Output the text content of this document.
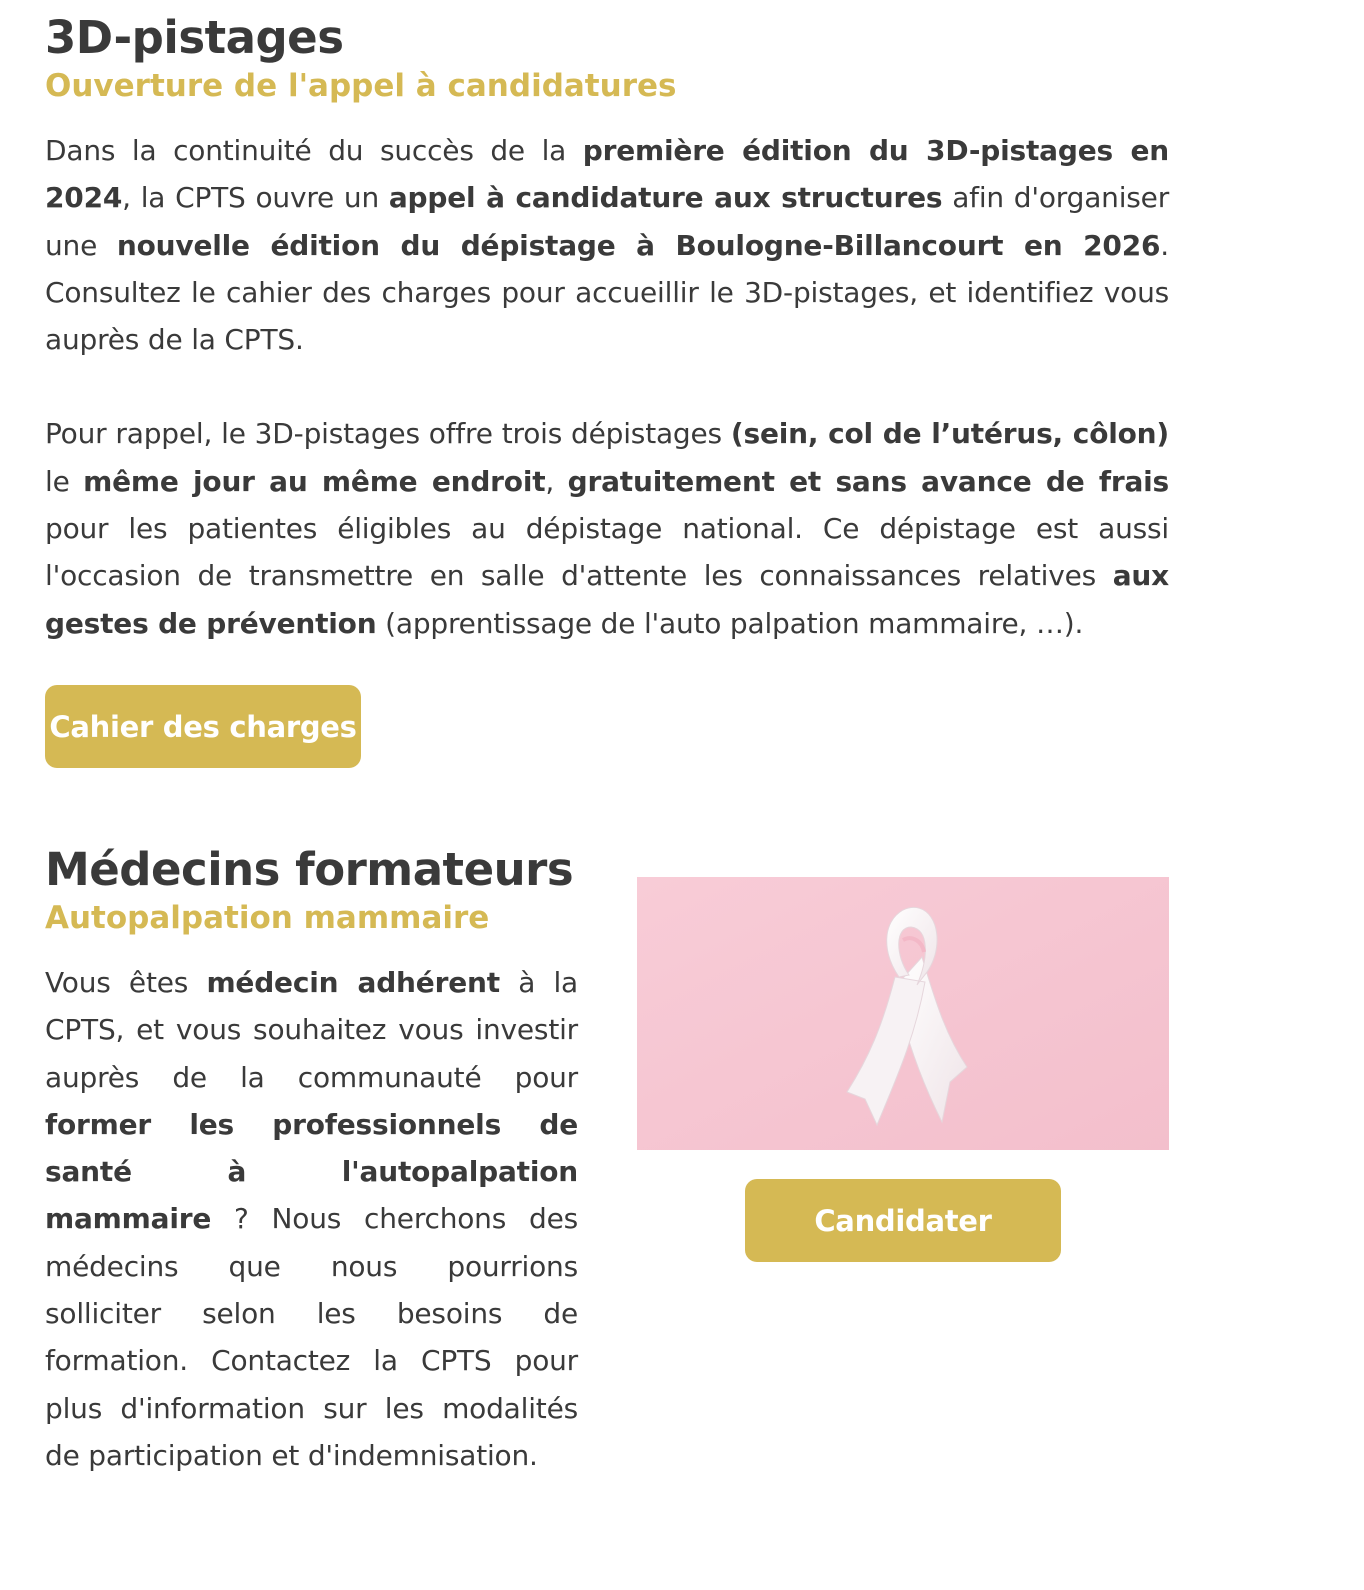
3D-pistages
Ouverture de l'appel à candidatures

Dans la continuité du succès de la première édition du 3D-pistages en 2024, la CPTS ouvre un appel à candidature aux structures afin d'organiser une nouvelle édition du dépistage à Boulogne-Billancourt en 2026. Consultez le cahier des charges pour accueillir le 3D-pistages, et identifiez vous auprès de la CPTS.

Pour rappel, le 3D-pistages offre trois dépistages (sein, col de l’utérus, côlon) le même jour au même endroit, gratuitement et sans avance de frais pour les patientes éligibles au dépistage national. Ce dépistage est aussi l'occasion de transmettre en salle d'attente les connaissances relatives aux gestes de prévention (apprentissage de l'auto palpation mammaire, …).

Cahier des charges
Médecins formateurs
Autopalpation mammaire

Vous êtes médecin adhérent à la CPTS, et vous souhaitez vous investir auprès de la communauté pour former les professionnels de santé à l'autopalpation mammaire ? Nous cherchons des médecins que nous pourrions solliciter selon les besoins de formation. Contactez la CPTS pour plus d'information sur les modalités de participation et d'indemnisation.

Candidater
